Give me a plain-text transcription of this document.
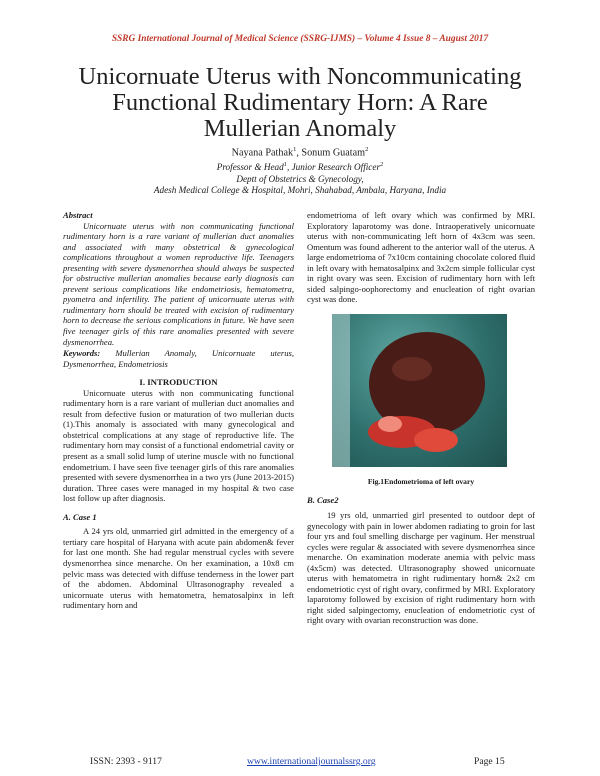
SSRG International Journal of Medical Science (SSRG-IJMS) – Volume 4 Issue 8 – August 2017
Unicornuate Uterus with Noncommunicating
Functional Rudimentary Horn: A Rare
Mullerian Anomaly
Nayana Pathak$^1$, Sonum Guatam$^2$
Professor & Head$^1$, Junior Research Officer$^2$
Deptt of Obstetrics & Gynecology,
Adesh Medical College & Hospital, Mohri, Shahabad, Ambala, Haryana, India
Abstract

Unicornuate uterus with non communicating functional rudimentary horn is a rare variant of mullerian duct anomalies and associated with many obstetrical & gynecological complications throughout a women reproductive life. Teenagers presenting with severe dysmenorrhea should always be suspected for obstructive mullerian anomalies because early diagnosis can prevent serious complications like endometriosis, hematometra, pyometra and infertility. The patient of unicornuate uterus with rudimentary horn should be treated with excision of rudimentary horn to decrease the serious complications in future. We have seen five teenager girls of this rare anomalies presented with severe dysmenorrhea.

Keywords: Mullerian Anomaly, Unicornuate uterus, Dysmenorrhea, Endometriosis

I. INTRODUCTION

Unicornuate uterus with non communicating functional rudimentary horn is a rare variant of mullerian duct anomalies and result from defective fusion or maturation of two mullerian ducts (1).This anomaly is associated with many gynecological and obstetrical complications at any stage of reproductive life. The rudimentary horn may consist of a functional endometrial cavity or present as a small solid lump of uterine muscle with no functional endometrium. I have seen five teenager girls of this rare anomalies presented with severe dysmenorrhea in a two yrs (June 2013-2015) duration. Three cases were managed in my hospital & two case lost follow up after diagnosis.

A. Case 1

A 24 yrs old, unmarried girl admitted in the emergency of a tertiary care hospital of Haryana with acute pain abdomen& fever for last one month. She had regular menstrual cycles with severe dysmenorrhea since menarche. On her examination, a 10x8 cm pelvic mass was detected with diffuse tenderness in the lower part of the abdomen. Abdominal Ultrasonography revealed a unicornuate uterus with hematometra, hematosalpinx in left rudimentary horn and

endometrioma of left ovary which was confirmed by MRI. Exploratory laparotomy was done. Intraoperatively unicornuate uterus with non-communicating left horn of 4x3cm was seen. Omentum was found adherent to the anterior wall of the uterus. A large endometrioma of 7x10cm containing chocolate colored fluid in left ovary with hematosalpinx and 3x2cm simple follicular cyst in right ovary was seen. Excision of rudimentary horn with left sided salpingo-oophorectomy and enucleation of right ovarian cyst was done.

Fig.1Endometrioma of left ovary
B. Case2

19 yrs old, unmarried girl presented to outdoor dept of gynecology with pain in lower abdomen radiating to groin for last four yrs and foul smelling discharge per vaginum. Her menstrual cycles were regular & associated with severe dysmenorrhea since menarche. On examination moderate anemia with pelvic mass (4x5cm) was detected. Ultrasonography showed unicornuate uterus with hematometra in right rudimentary horn& 2x2 cm endometriotic cyst of right ovary, confirmed by MRI. Exploratory laparotomy followed by excision of right rudimentary horn with right sided salpingectomy, enucleation of endometriotic cyst of right ovary with ovarian reconstruction was done.

ISSN: 2393 - 9117	www.internationaljournalssrg.org	Page 15
